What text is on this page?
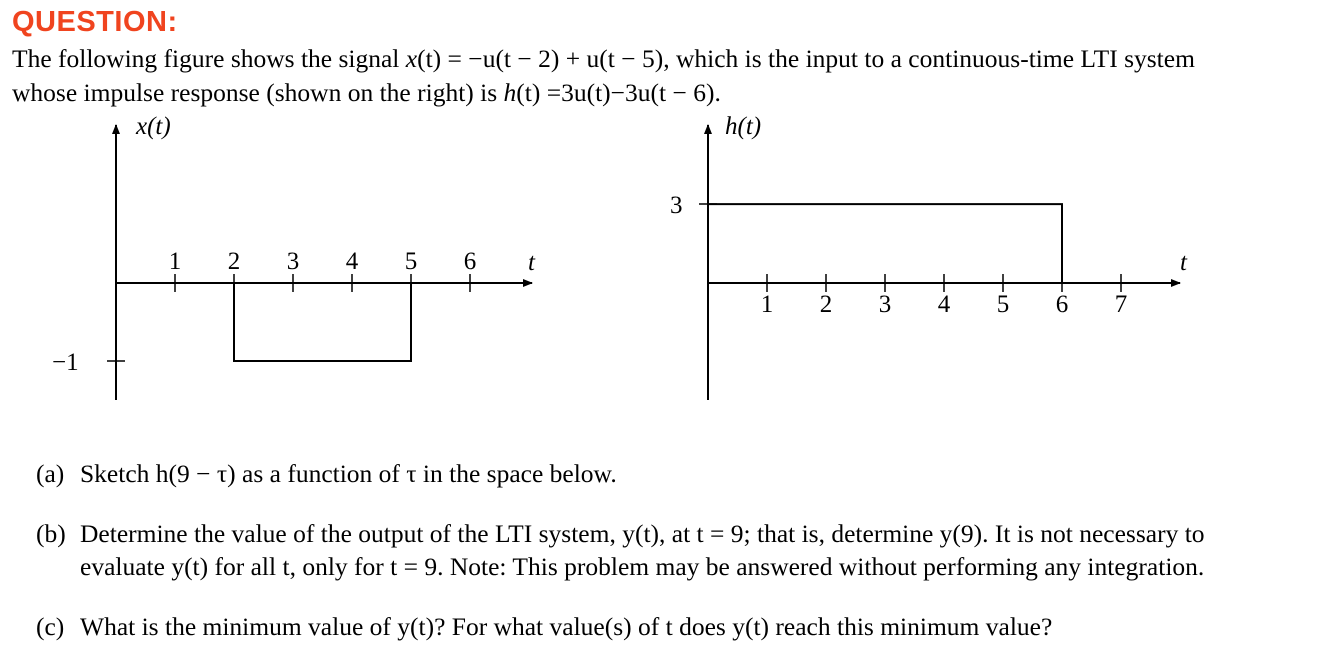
QUESTION:

The following figure shows the signal x(t) = −u(t − 2) + u(t − 5), which is the input to a continuous-time LTI system

whose impulse response (shown on the right) is h(t) =3u(t)−3u(t − 6).

x(t)
t
1 2 3 4 5 6
−1
h(t)
t
1 2 3 4 5 6 7
3
(a) Sketch h(9 − τ) as a function of τ in the space below.
(b) Determine the value of the output of the LTI system, y(t), at t = 9; that is, determine y(9). It is not necessary to
evaluate y(t) for all t, only for t = 9. Note: This problem may be answered without performing any integration.
(c) What is the minimum value of y(t)? For what value(s) of t does y(t) reach this minimum value?
